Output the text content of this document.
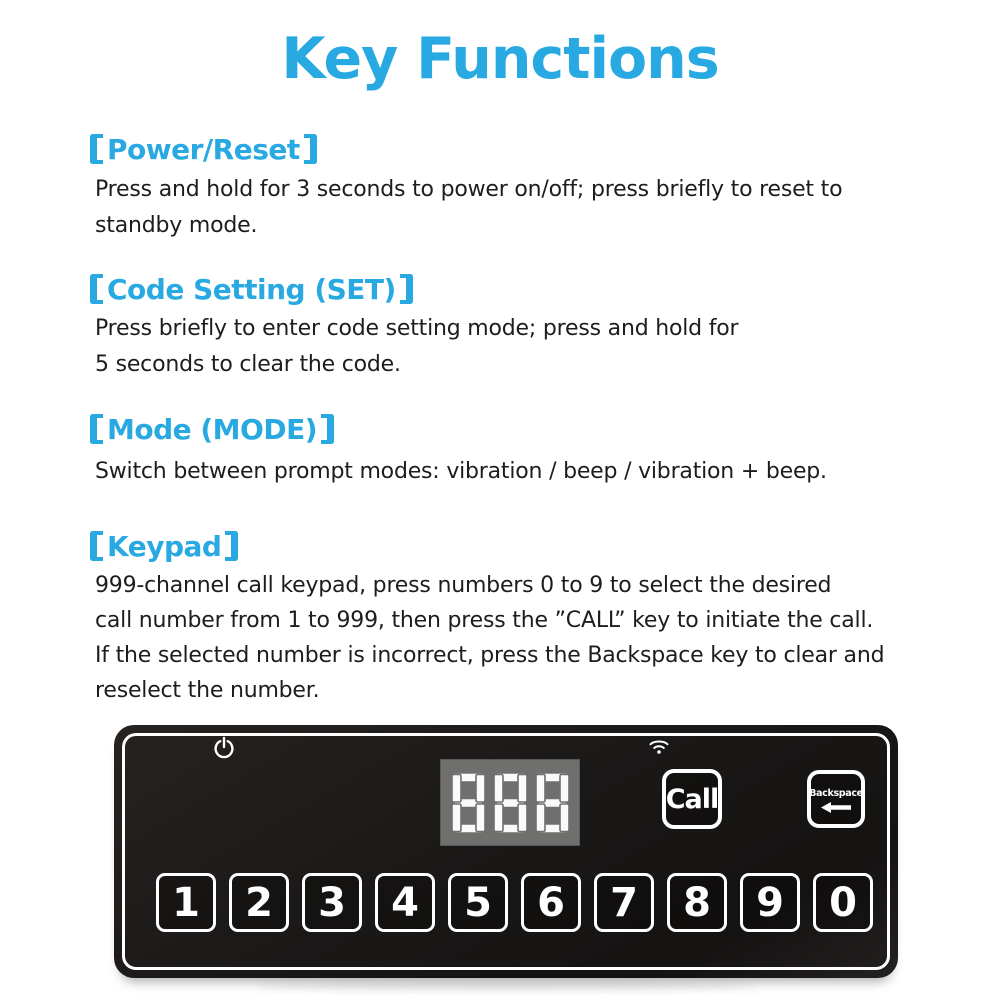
Key Functions
Power/Reset

Press and hold for 3 seconds to power on/off; press briefly to reset to
standby mode.

Code Setting (SET)

Press briefly to enter code setting mode; press and hold for
5 seconds to clear the code.

Mode (MODE)

Switch between prompt modes: vibration / beep / vibration + beep.

Keypad

999-channel call keypad, press numbers 0 to 9 to select the desired
call number from 1 to 999, then press the ”CALL” key to initiate the call.
If the selected number is incorrect, press the Backspace key to clear and
reselect the number.

Call	Backspace
1	2	3	4	5	6	7	8	9	0
